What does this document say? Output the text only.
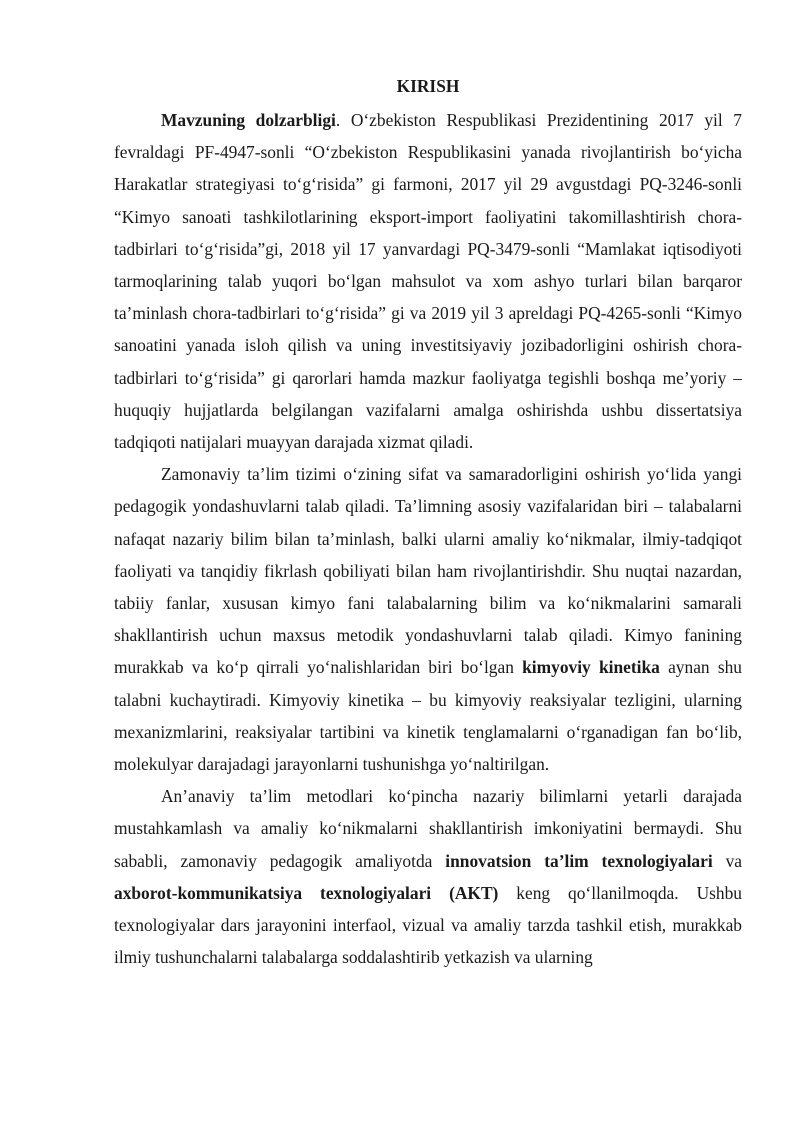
KIRISH

Mavzuning dolzarbligi. O‘zbekiston Respublikasi Prezidentining 2017 yil 7 fevraldagi PF-4947-sonli “O‘zbekiston Respublikasini yanada rivojlantirish bo‘yicha Harakatlar strategiyasi to‘g‘risida” gi farmoni, 2017 yil 29 avgustdagi PQ-3246-sonli “Kimyo sanoati tashkilotlarining eksport-import faoliyatini takomillashtirish chora-tadbirlari to‘g‘risida”gi, 2018 yil 17 yanvardagi PQ-3479-sonli “Mamlakat iqtisodiyoti tarmoqlarining talab yuqori bo‘lgan mahsulot va xom ashyo turlari bilan barqaror ta’minlash chora-tadbirlari to‘g‘risida” gi va 2019 yil 3 apreldagi PQ-4265-sonli “Kimyo sanoatini yanada isloh qilish va uning investitsiyaviy jozibadorligini oshirish chora-tadbirlari to‘g‘risida” gi qarorlari hamda mazkur faoliyatga tegishli boshqa me’yoriy – huquqiy hujjatlarda belgilangan vazifalarni amalga oshirishda ushbu dissertatsiya tadqiqoti natijalari muayyan darajada xizmat qiladi.

Zamonaviy ta’lim tizimi o‘zining sifat va samaradorligini oshirish yo‘lida yangi pedagogik yondashuvlarni talab qiladi. Ta’limning asosiy vazifalaridan biri – talabalarni nafaqat nazariy bilim bilan ta’minlash, balki ularni amaliy ko‘nikmalar, ilmiy-tadqiqot faoliyati va tanqidiy fikrlash qobiliyati bilan ham rivojlantirishdir. Shu nuqtai nazardan, tabiiy fanlar, xususan kimyo fani talabalarning bilim va ko‘nikmalarini samarali shakllantirish uchun maxsus metodik yondashuvlarni talab qiladi. Kimyo fanining murakkab va ko‘p qirrali yo‘nalishlaridan biri bo‘lgan kimyoviy kinetika aynan shu talabni kuchaytiradi. Kimyoviy kinetika – bu kimyoviy reaksiyalar tezligini, ularning mexanizmlarini, reaksiyalar tartibini va kinetik tenglamalarni o‘rganadigan fan bo‘lib, molekulyar darajadagi jarayonlarni tushunishga yo‘naltirilgan.

An’anaviy ta’lim metodlari ko‘pincha nazariy bilimlarni yetarli darajada mustahkamlash va amaliy ko‘nikmalarni shakllantirish imkoniyatini bermaydi. Shu sababli, zamonaviy pedagogik amaliyotda innovatsion ta’lim texnologiyalari va axborot-kommunikatsiya texnologiyalari (AKT) keng qo‘llanilmoqda. Ushbu texnologiyalar dars jarayonini interfaol, vizual va amaliy tarzda tashkil etish, murakkab ilmiy tushunchalarni talabalarga soddalashtirib yetkazish va ularning
